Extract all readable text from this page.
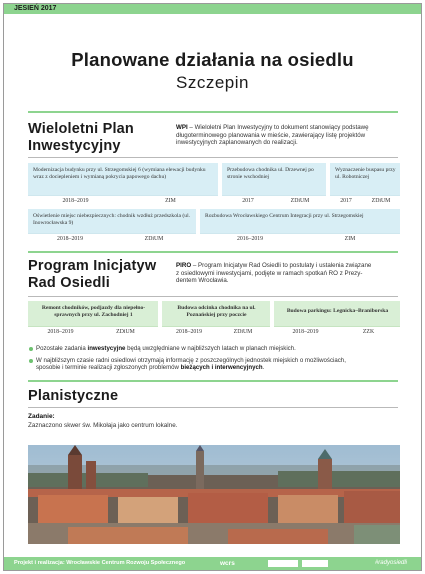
JESIEŃ 2017
Planowane działania na osiedlu
Szczepin
Wieloletni Plan
Inwestycyjny
WPI – Wieloletni Plan Inwestycyjny to dokument stanowiący podstawę
długoterminowego planowania w mieście, zawierający listę projektów
inwestycyjnych zaplanowanych do realizacji.
Modernizacja budynku przy ul. Strzegomskiej 6 (wymiana elewacji budynku wraz z dociepleniem i wymianą pokrycia papowego dachu)
2018–2019	ZIM
Przebudowa chodnika ul. Drzewnej po stronie wschodniej
2017	ZDiUM
Wyznaczenie buspasu przy ul. Robotniczej
2017	ZDiUM
Oświetlenie miejsc niebezpiecznych: chodnik wzdłuż przedszkola (ul. Inowrocławska 9)
2018–2019	ZDiUM
Rozbudowa Wrocławskiego Centrum Integracji przy ul. Strzegomskiej
2016–2019	ZIM
Program Inicjatyw
Rad Osiedli
PIRO – Program Inicjatyw Rad Osiedli to postulaty i ustalenia związane
z osiedlowymi inwestycjami, podjęte w ramach spotkań RO z Prezy-
dentem Wrocławia.
Remont chodników, podjazdy dla niepełno-sprawnych przy ul. Zachodniej 1
2018–2019	ZDiUM
Budowa odcinka chodnika na ul. Poznańskiej przy poczcie
2018–2019	ZDiUM
Budowa parkingu: Legnicka–Braniborska
2018–2019	ZZK
Pozostałe zadania inwestycyjne będą uwzględniane w najbliższych latach w planach miejskich.
W najbliższym czasie radni osiedlowi otrzymają informację z poszczególnych jednostek miejskich o możliwościach,
sposobie i terminie realizacji zgłoszonych problemów bieżących i interwencyjnych.
Planistyczne
Zadanie:
Zaznaczono skwer św. Mikołaja jako centrum lokalne.
Projekt i realizacja: Wrocławskie Centrum Rozwoju Społecznego	wcrs	#radyosiedli
